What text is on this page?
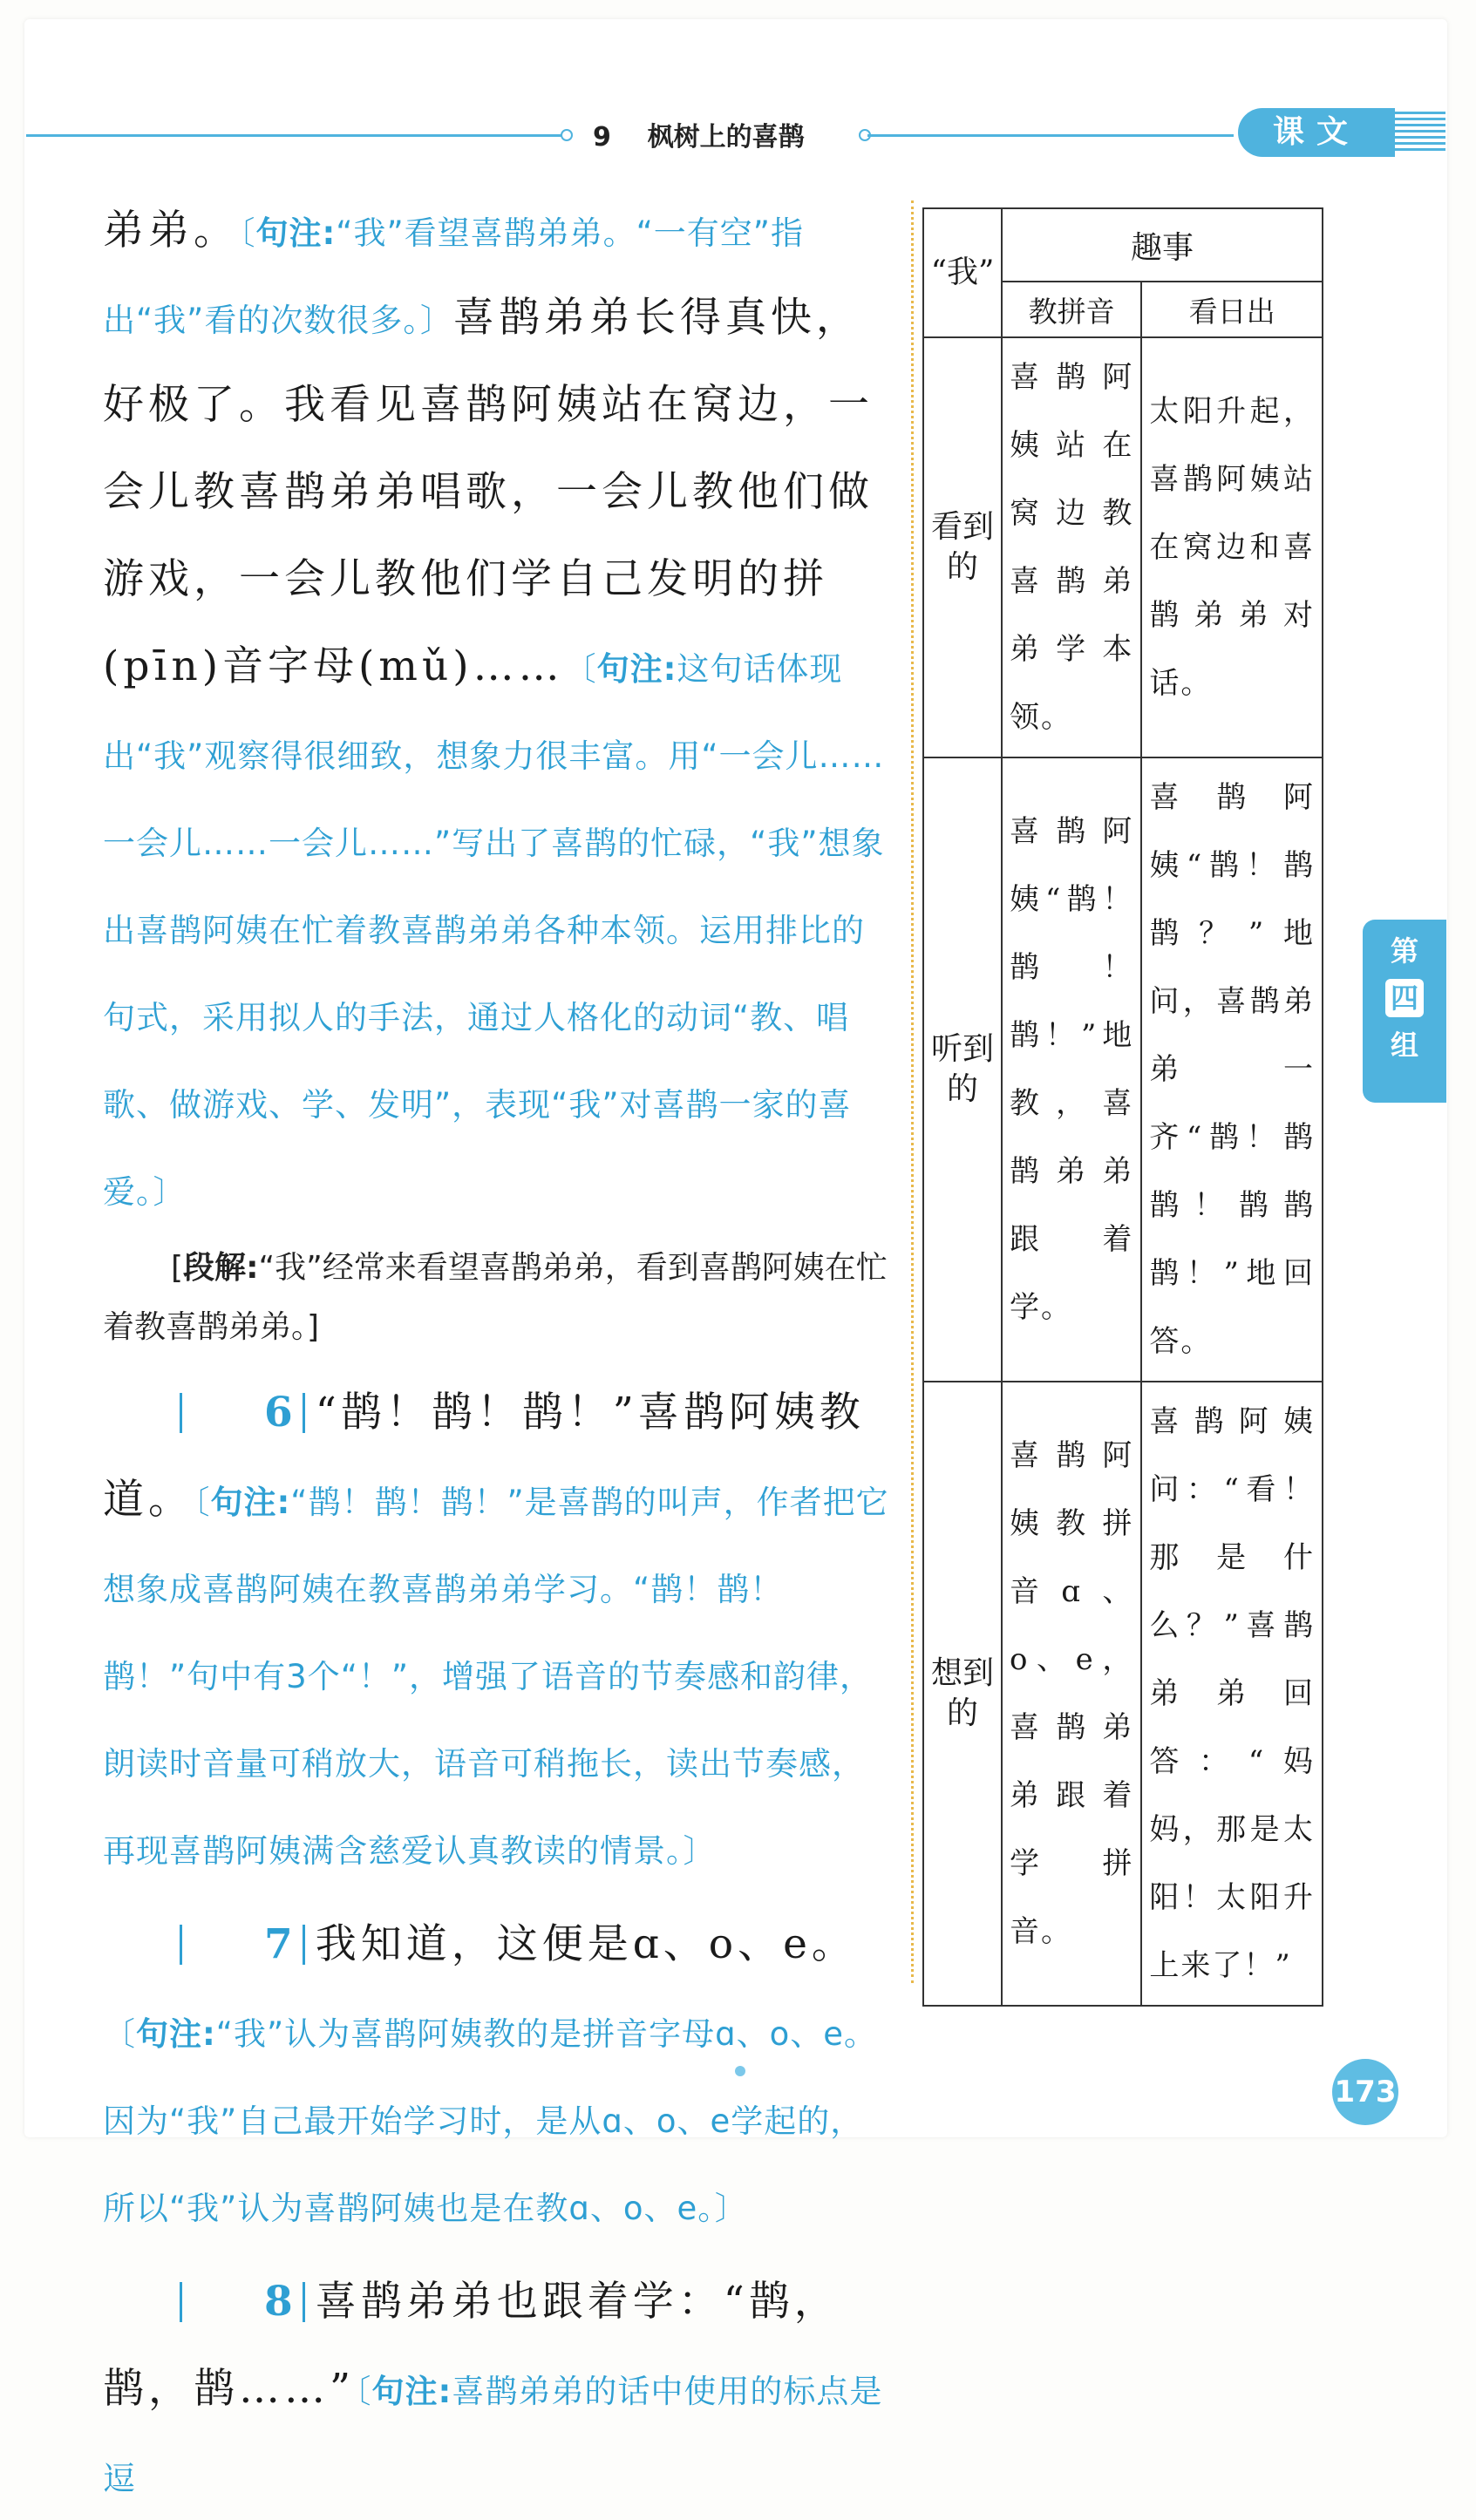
9 枫树上的喜鹊	课文

弟弟。〔句注:“我”看望喜鹊弟弟。“一有空”指出“我”看的次数很多。〕喜鹊弟弟长得真快，好极了。我看见喜鹊阿姨站在窝边，一会儿教喜鹊弟弟唱歌，一会儿教他们做游戏，一会儿教他们学自己发明的拼(pīn)音字母(mǔ)……〔句注:这句话体现出“我”观察得很细致，想象力很丰富。用“一会儿……一会儿……一会儿……”写出了喜鹊的忙碌，“我”想象出喜鹊阿姨在忙着教喜鹊弟弟各种本领。运用排比的句式，采用拟人的手法，通过人格化的动词“教、唱歌、做游戏、学、发明”，表现“我”对喜鹊一家的喜爱。〕

[段解:“我”经常来看望喜鹊弟弟，看到喜鹊阿姨在忙着教喜鹊弟弟。]

6 “鹊！鹊！鹊！”喜鹊阿姨教道。〔句注:“鹊！鹊！鹊！”是喜鹊的叫声，作者把它想象成喜鹊阿姨在教喜鹊弟弟学习。“鹊！鹊！鹊！”句中有3个“！”，增强了语音的节奏感和韵律，朗读时音量可稍放大，语音可稍拖长，读出节奏感，再现喜鹊阿姨满含慈爱认真教读的情景。〕

7 我知道，这便是ɑ、o、e。〔句注:“我”认为喜鹊阿姨教的是拼音字母ɑ、o、e。因为“我”自己最开始学习时，是从ɑ、o、e学起的，所以“我”认为喜鹊阿姨也是在教ɑ、o、e。〕

8 喜鹊弟弟也跟着学：“鹊，鹊，鹊……”〔句注:喜鹊弟弟的话中使用的标点是逗

“我”	趣事	
	教拼音	看日出
看到的	喜鹊阿姨站在窝边教喜鹊弟弟学本领。	太阳升起，喜鹊阿姨站在窝边和喜鹊弟弟对话。
听到的	喜鹊阿姨“鹊！鹊！鹊！”地教，喜鹊弟弟跟着学。	喜鹊阿姨“鹊！鹊鹊？”地问，喜鹊弟弟一齐“鹊！鹊鹊！鹊鹊鹊！”地回答。
想到的	喜鹊阿姨教拼音ɑ、o、e，喜鹊弟弟跟着学拼音。	喜鹊阿姨问：“看！那是什么？”喜鹊弟弟回答：“妈妈，那是太阳！太阳升上来了！”
第
四
组
173
